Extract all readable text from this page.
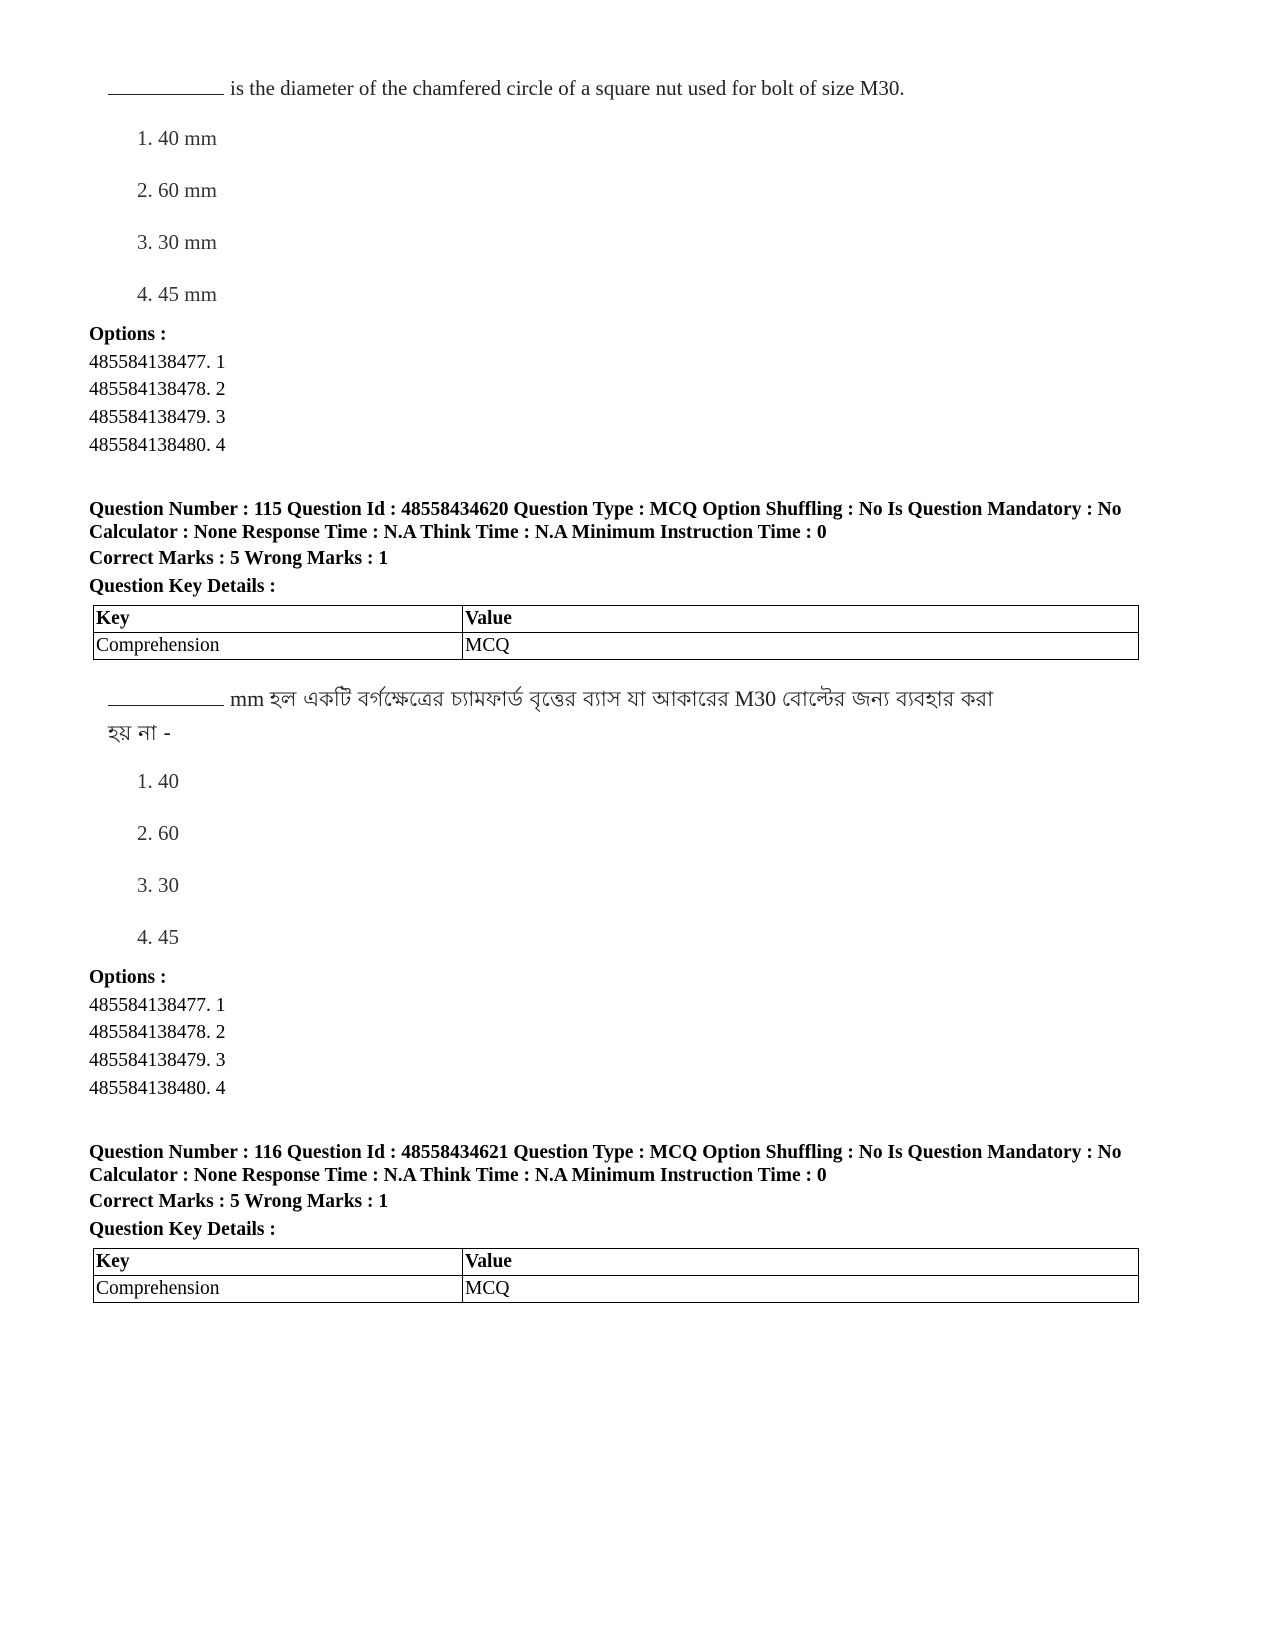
is the diameter of the chamfered circle of a square nut used for bolt of size M30.
1. 40 mm
2. 60 mm
3. 30 mm
4. 45 mm
Options :
485584138477. 1
485584138478. 2
485584138479. 3
485584138480. 4
Question Number : 115 Question Id : 48558434620 Question Type : MCQ Option Shuffling : No Is Question Mandatory : No Calculator : None Response Time : N.A Think Time : N.A Minimum Instruction Time : 0
Correct Marks : 5 Wrong Marks : 1
Question Key Details :
Key	Value
Comprehension	MCQ
mm হল একটি বর্গক্ষেত্রের চ্যামফার্ড বৃত্তের ব্যাস যা আকারের M30 বোল্টের জন্য ব্যবহার করা
হয় না -
1. 40
2. 60
3. 30
4. 45
Options :
485584138477. 1
485584138478. 2
485584138479. 3
485584138480. 4
Question Number : 116 Question Id : 48558434621 Question Type : MCQ Option Shuffling : No Is Question Mandatory : No Calculator : None Response Time : N.A Think Time : N.A Minimum Instruction Time : 0
Correct Marks : 5 Wrong Marks : 1
Question Key Details :
Key	Value
Comprehension	MCQ
